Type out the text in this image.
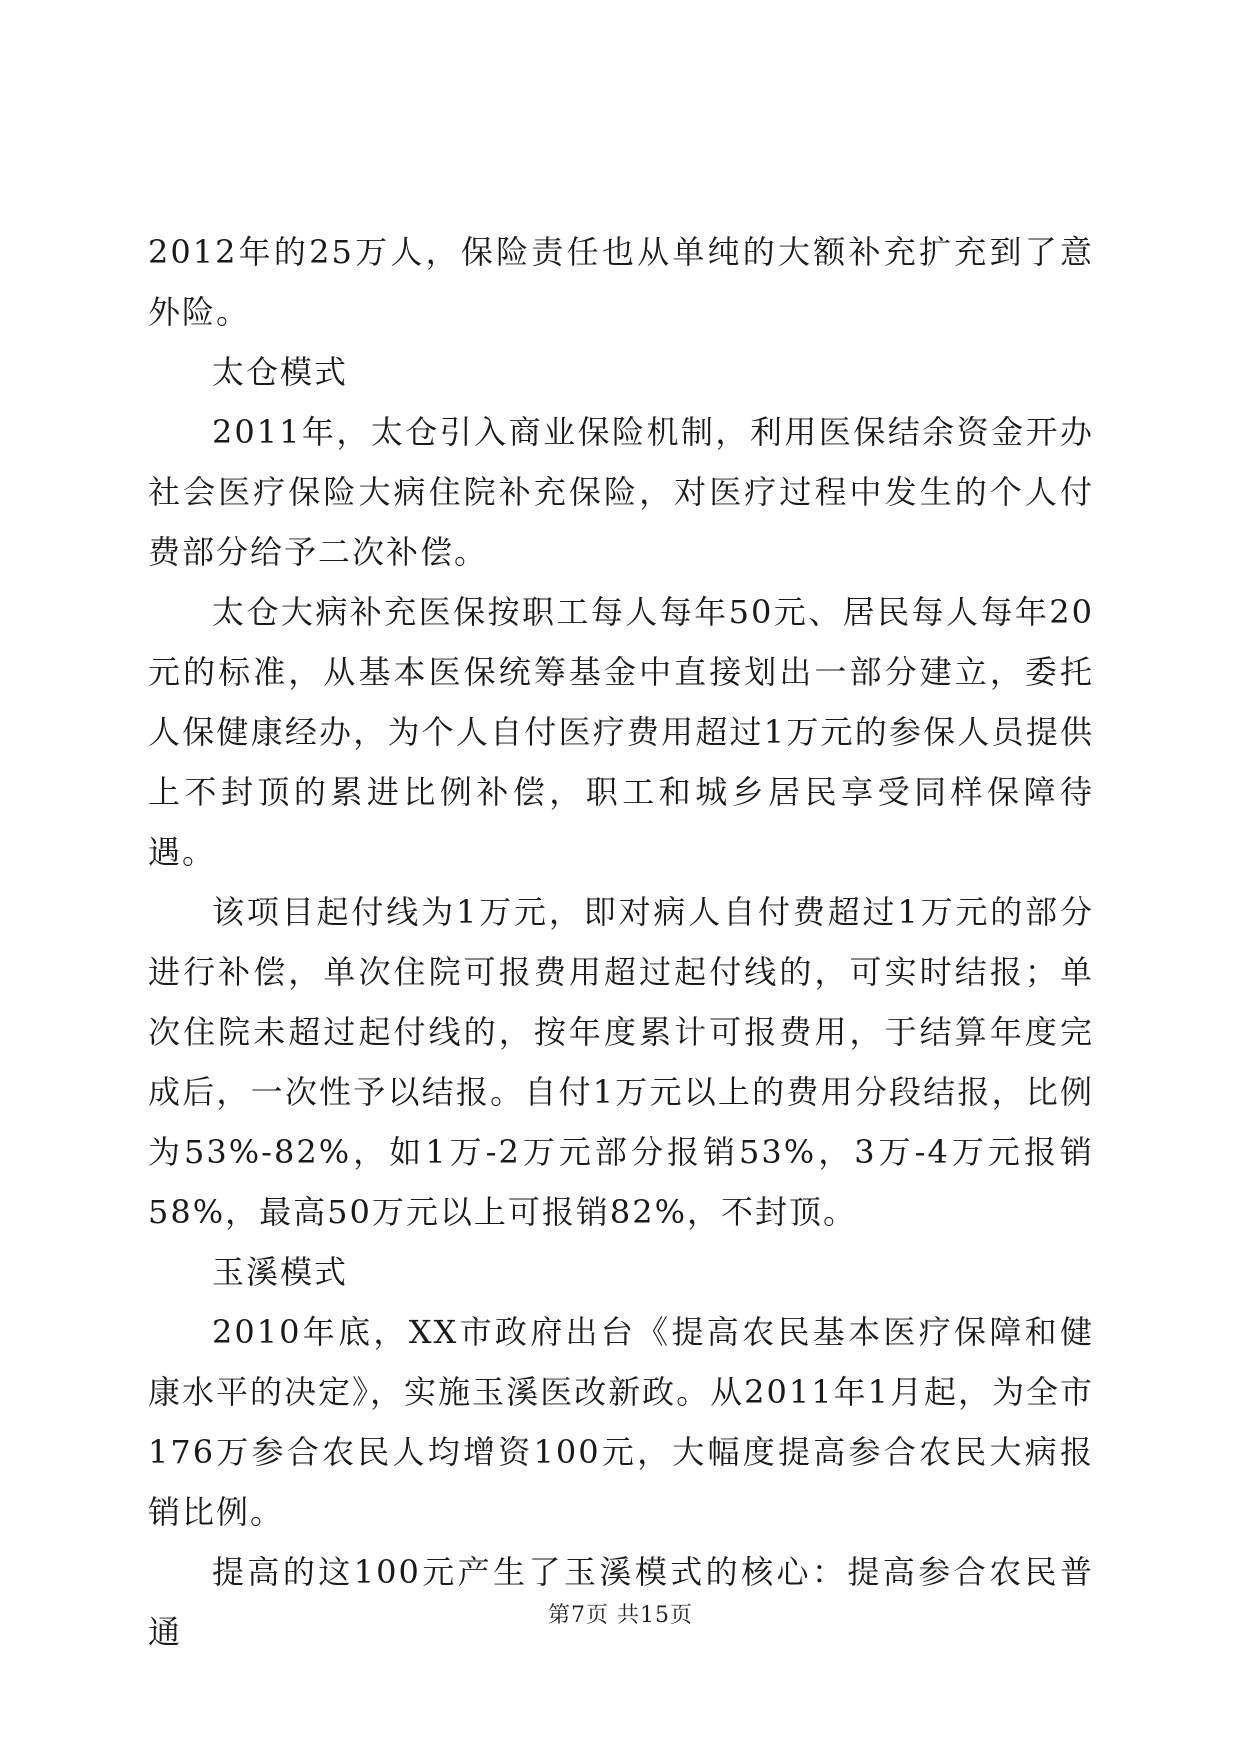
2012年的25万人，保险责任也从单纯的大额补充扩充到了意外险。

太仓模式

2011年，太仓引入商业保险机制，利用医保结余资金开办社会医疗保险大病住院补充保险，对医疗过程中发生的个人付费部分给予二次补偿。

太仓大病补充医保按职工每人每年50元、居民每人每年20元的标准，从基本医保统筹基金中直接划出一部分建立，委托人保健康经办，为个人自付医疗费用超过1万元的参保人员提供上不封顶的累进比例补偿，职工和城乡居民享受同样保障待遇。

该项目起付线为1万元，即对病人自付费超过1万元的部分进行补偿，单次住院可报费用超过起付线的，可实时结报；单次住院未超过起付线的，按年度累计可报费用，于结算年度完成后，一次性予以结报。自付1万元以上的费用分段结报，比例为53%-82%，如1万-2万元部分报销53%，3万-4万元报销58%，最高50万元以上可报销82%，不封顶。

玉溪模式

2010年底，XX市政府出台《提高农民基本医疗保障和健康水平的决定》，实施玉溪医改新政。从2011年1月起，为全市176万参合农民人均增资100元，大幅度提高参合农民大病报销比例。

提高的这100元产生了玉溪模式的核心：提高参合农民普通	第7页 共15页
